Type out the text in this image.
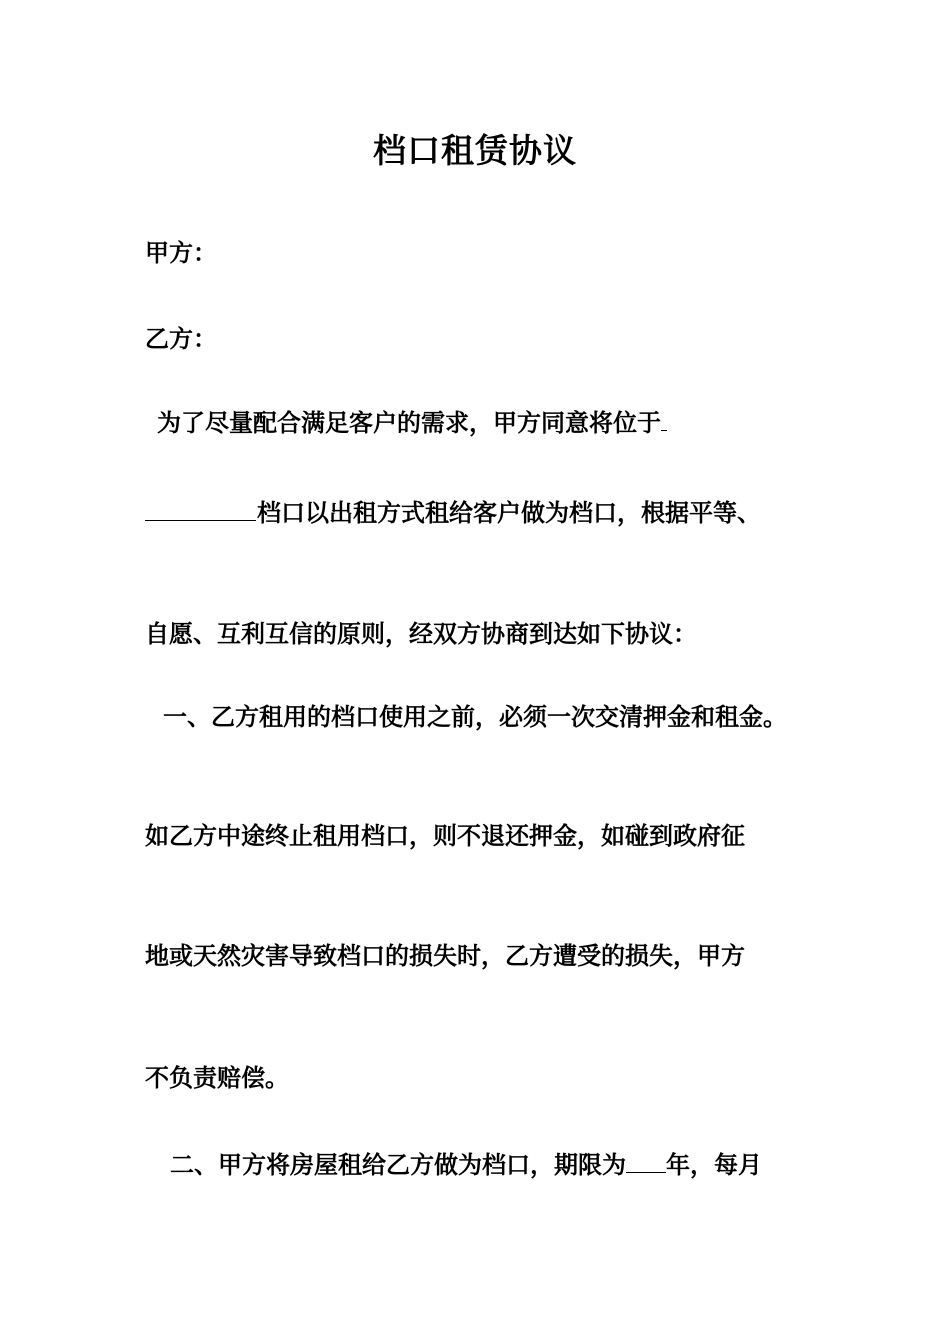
档口租赁协议

甲方：

乙方：

为了尽量配合满足客户的需求，甲方同意将位于

档口以出租方式租给客户做为档口，根据平等、

自愿、互利互信的原则，经双方协商到达如下协议：

一、乙方租用的档口使用之前，必须一次交清押金和租金。

如乙方中途终止租用档口，则不退还押金，如碰到政府征

地或天然灾害导致档口的损失时，乙方遭受的损失，甲方

不负责赔偿。

二、甲方将房屋租给乙方做为档口，期限为 年，每月
